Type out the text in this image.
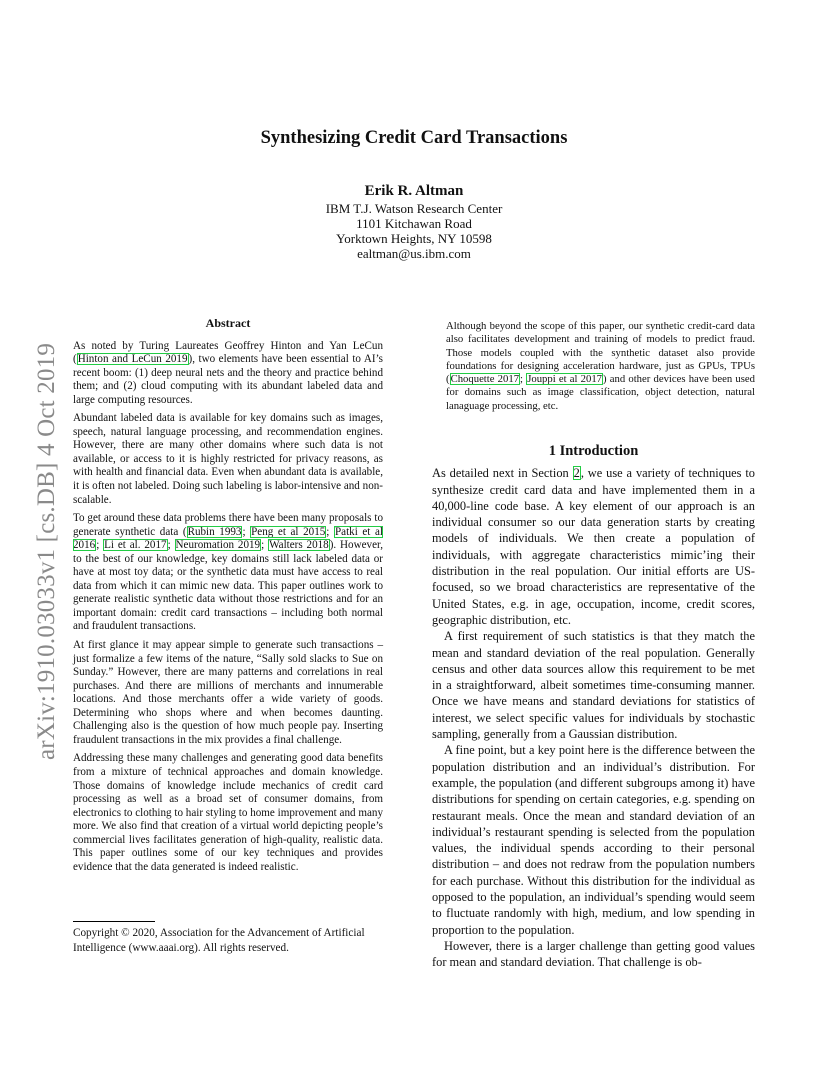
arXiv:1910.03033v1 [cs.DB] 4 Oct 2019
Synthesizing Credit Card Transactions
Erik R. Altman
IBM T.J. Watson Research Center
1101 Kitchawan Road
Yorktown Heights, NY 10598
ealtman@us.ibm.com
Abstract

As noted by Turing Laureates Geoffrey Hinton and Yan LeCun (Hinton and LeCun 2019), two elements have been essential to AI’s recent boom: (1) deep neural nets and the theory and practice behind them; and (2) cloud computing with its abundant labeled data and large computing resources.

Abundant labeled data is available for key domains such as images, speech, natural language processing, and recommendation engines. However, there are many other domains where such data is not available, or access to it is highly restricted for privacy reasons, as with health and financial data. Even when abundant data is available, it is often not labeled. Doing such labeling is labor-intensive and non-scalable.

To get around these data problems there have been many proposals to generate synthetic data (Rubin 1993; Peng et al 2015; Patki et al 2016; Li et al. 2017; Neuromation 2019; Walters 2018). However, to the best of our knowledge, key domains still lack labeled data or have at most toy data; or the synthetic data must have access to real data from which it can mimic new data. This paper outlines work to generate realistic synthetic data without those restrictions and for an important domain: credit card transactions – including both normal and fraudulent transactions.

At first glance it may appear simple to generate such transactions – just formalize a few items of the nature, “Sally sold slacks to Sue on Sunday.” However, there are many patterns and correlations in real purchases. And there are millions of merchants and innumerable locations. And those merchants offer a wide variety of goods. Determining who shops where and when becomes daunting. Challenging also is the question of how much people pay. Inserting fraudulent transactions in the mix provides a final challenge.

Addressing these many challenges and generating good data benefits from a mixture of technical approaches and domain knowledge. Those domains of knowledge include mechanics of credit card processing as well as a broad set of consumer domains, from electronics to clothing to hair styling to home improvement and many more. We also find that creation of a virtual world depicting people’s commercial lives facilitates generation of high-quality, realistic data. This paper outlines some of our key techniques and provides evidence that the data generated is indeed realistic.

Although beyond the scope of this paper, our synthetic credit-card data also facilitates development and training of models to predict fraud. Those models coupled with the synthetic dataset also provide foundations for designing acceleration hardware, just as GPUs, TPUs (Choquette 2017; Jouppi et al 2017) and other devices have been used for domains such as image classification, object detection, natural lanaguage processing, etc.

1 Introduction

As detailed next in Section 2, we use a variety of techniques to synthesize credit card data and have implemented them in a 40,000-line code base. A key element of our approach is an individual consumer so our data generation starts by creating models of individuals. We then create a population of individuals, with aggregate characteristics mimic’ing their distribution in the real population. Our initial efforts are US-focused, so we broad characteristics are representative of the United States, e.g. in age, occupation, income, credit scores, geographic distribution, etc.

A first requirement of such statistics is that they match the mean and standard deviation of the real population. Generally census and other data sources allow this requirement to be met in a straightforward, albeit sometimes time-consuming manner. Once we have means and standard deviations for statistics of interest, we select specific values for individuals by stochastic sampling, generally from a Gaussian distribution.

A fine point, but a key point here is the difference between the population distribution and an individual’s distribution. For example, the population (and different subgroups among it) have distributions for spending on certain categories, e.g. spending on restaurant meals. Once the mean and standard deviation of an individual’s restaurant spending is selected from the population values, the individual spends according to their personal distribution – and does not redraw from the population numbers for each purchase. Without this distribution for the individual as opposed to the population, an individual’s spending would seem to fluctuate randomly with high, medium, and low spending in proportion to the population.

However, there is a larger challenge than getting good values for mean and standard deviation. That challenge is ob-

Copyright © 2020, Association for the Advancement of Artificial Intelligence (www.aaai.org). All rights reserved.
